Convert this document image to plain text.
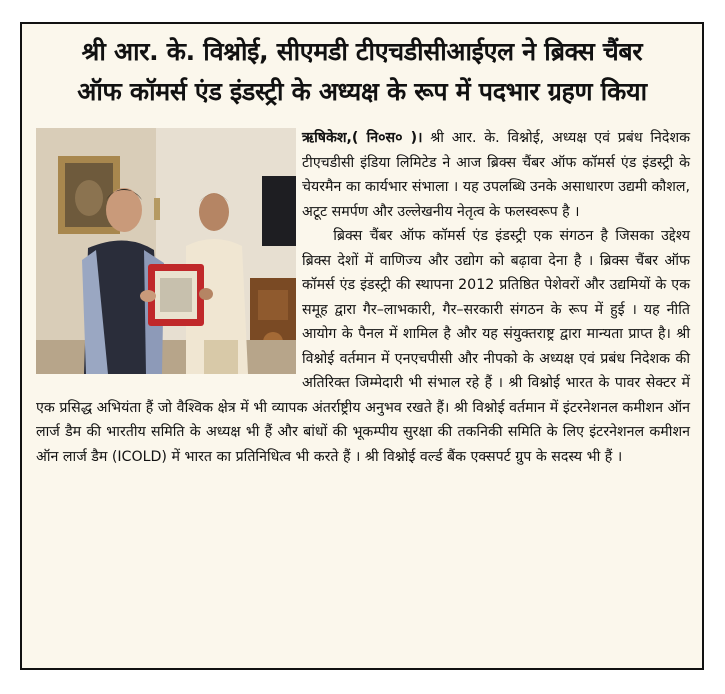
श्री आर. के. विश्नोई, सीएमडी टीएचडीसीआईएल ने ब्रिक्स चैंबर
ऑफ कॉमर्स एंड इंडस्ट्री के अध्यक्ष के रूप में पदभार ग्रहण किया

ऋषिकेश,( नि०स० )। श्री आर. के. विश्नोई, अध्यक्ष एवं प्रबंध निदेशक टीएचडीसी इंडिया लिमिटेड ने आज ब्रिक्स चैंबर ऑफ कॉमर्स एंड इंडस्ट्री के चेयरमैन का कार्यभार संभाला । यह उपलब्धि उनके असाधारण उद्यमी कौशल, अटूट समर्पण और उल्लेखनीय नेतृत्व के फलस्वरूप है ।

ब्रिक्स चैंबर ऑफ कॉमर्स एंड इंडस्ट्री एक संगठन है जिसका उद्देश्य ब्रिक्स देशों में वाणिज्य और उद्योग को बढ़ावा देना है । ब्रिक्स चैंबर ऑफ कॉमर्स एंड इंडस्ट्री की स्थापना 2012 प्रतिष्ठित पेशेवरों और उद्यमियों के एक समूह द्वारा गैर–लाभकारी, गैर–सरकारी संगठन के रूप में हुई । यह नीति आयोग के पैनल में शामिल है और यह संयुक्तराष्ट्र द्वारा मान्यता प्राप्त है। श्री विश्नोई वर्तमान में एनएचपीसी और नीपको के अध्यक्ष एवं प्रबंध निदेशक की अतिरिक्त जिम्मेदारी भी संभाल रहे हैं । श्री विश्नोई भारत के पावर सेक्टर में एक प्रसिद्ध अभियंता हैं जो वैश्विक क्षेत्र में भी व्यापक अंतर्राष्ट्रीय अनुभव रखते हैं। श्री विश्नोई वर्तमान में इंटरनेशनल कमीशन ऑन लार्ज डैम की भारतीय समिति के अध्यक्ष भी हैं और बांधों की भूकम्पीय सुरक्षा की तकनिकी समिति के लिए इंटरनेशनल कमीशन ऑन लार्ज डैम (ICOLD) में भारत का प्रतिनिधित्व भी करते हैं । श्री विश्नोई वर्ल्ड बैंक एक्सपर्ट ग्रुप के सदस्य भी हैं ।
